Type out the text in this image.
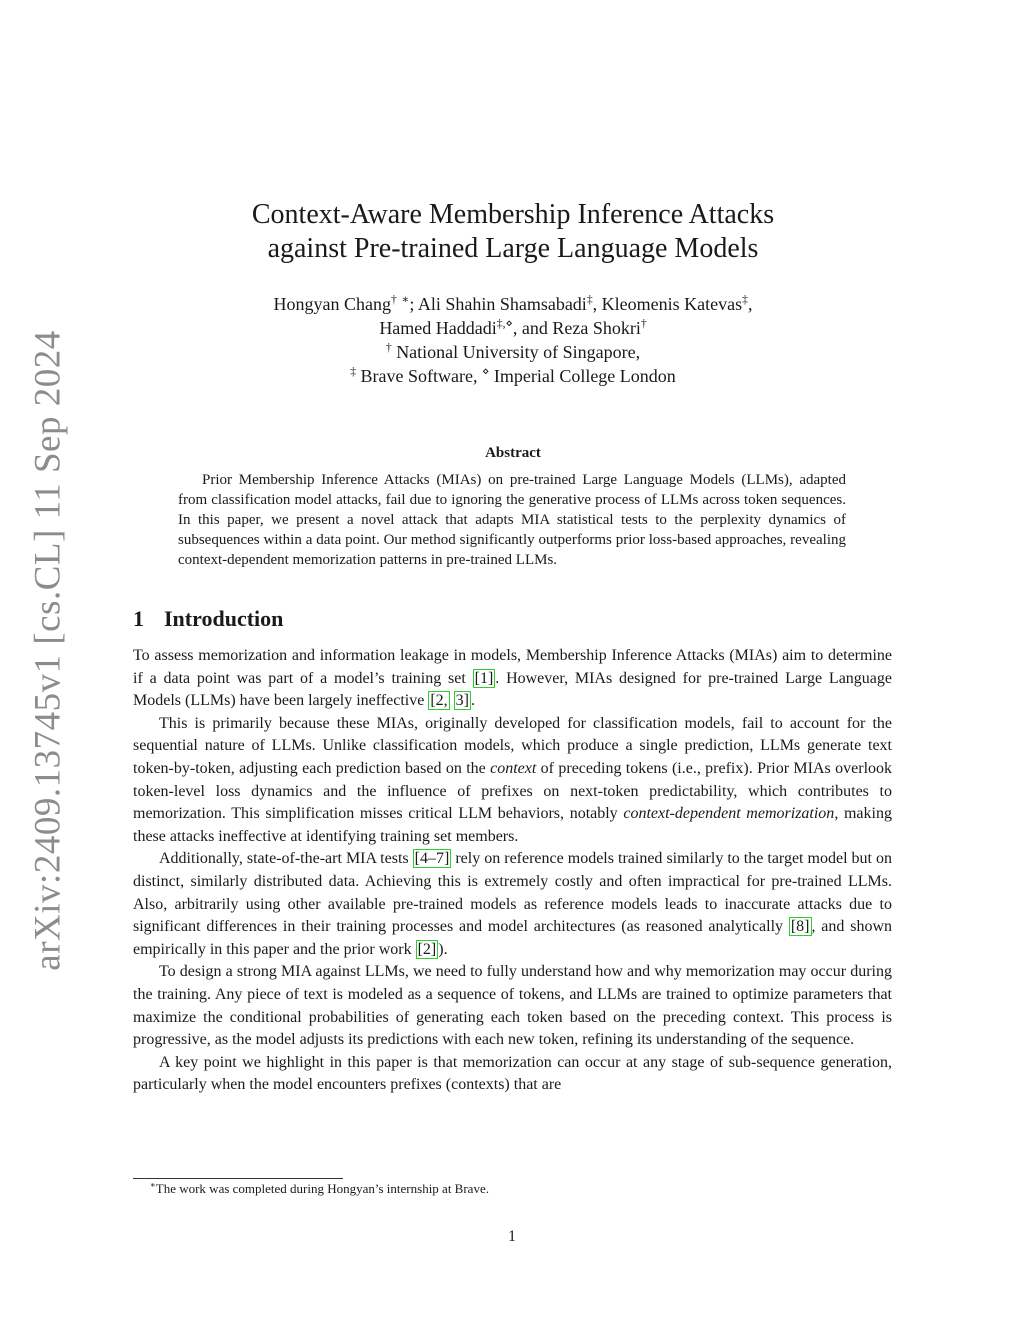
arXiv:2409.13745v1 [cs.CL] 11 Sep 2024
Context-Aware Membership Inference Attacks
against Pre-trained Large Language Models
Hongyan Chang† ∗; Ali Shahin Shamsabadi‡, Kleomenis Katevas‡,
Hamed Haddadi‡,⋄, and Reza Shokri†
† National University of Singapore,
‡ Brave Software, ⋄ Imperial College London
Abstract

Prior Membership Inference Attacks (MIAs) on pre-trained Large Language Models (LLMs), adapted from classification model attacks, fail due to ignoring the generative process of LLMs across token sequences. In this paper, we present a novel attack that adapts MIA statistical tests to the perplexity dynamics of subsequences within a data point. Our method significantly outperforms prior loss-based approaches, revealing context-dependent memorization patterns in pre-trained LLMs.

1 Introduction

To assess memorization and information leakage in models, Membership Inference Attacks (MIAs) aim to determine if a data point was part of a model’s training set [1] . However, MIAs designed for pre-trained Large Language Models (LLMs) have been largely ineffective [2, 3] .

This is primarily because these MIAs, originally developed for classification models, fail to account for the sequential nature of LLMs. Unlike classification models, which produce a single prediction, LLMs generate text token-by-token, adjusting each prediction based on the context of preceding tokens (i.e., prefix). Prior MIAs overlook token-level loss dynamics and the influence of prefixes on next-token predictability, which contributes to memorization. This simplification misses critical LLM behaviors, notably context-dependent memorization, making these attacks ineffective at identifying training set members.

Additionally, state-of-the-art MIA tests [4–7] rely on reference models trained similarly to the target model but on distinct, similarly distributed data. Achieving this is extremely costly and often impractical for pre-trained LLMs. Also, arbitrarily using other available pre-trained models as reference models leads to inaccurate attacks due to significant differences in their training processes and model architectures (as reasoned analytically [8] , and shown empirically in this paper and the prior work [2] ).

To design a strong MIA against LLMs, we need to fully understand how and why memorization may occur during the training. Any piece of text is modeled as a sequence of tokens, and LLMs are trained to optimize parameters that maximize the conditional probabilities of generating each token based on the preceding context. This process is progressive, as the model adjusts its predictions with each new token, refining its understanding of the sequence.

A key point we highlight in this paper is that memorization can occur at any stage of sub-sequence generation, particularly when the model encounters prefixes (contexts) that are

∗The work was completed during Hongyan’s internship at Brave.
1
